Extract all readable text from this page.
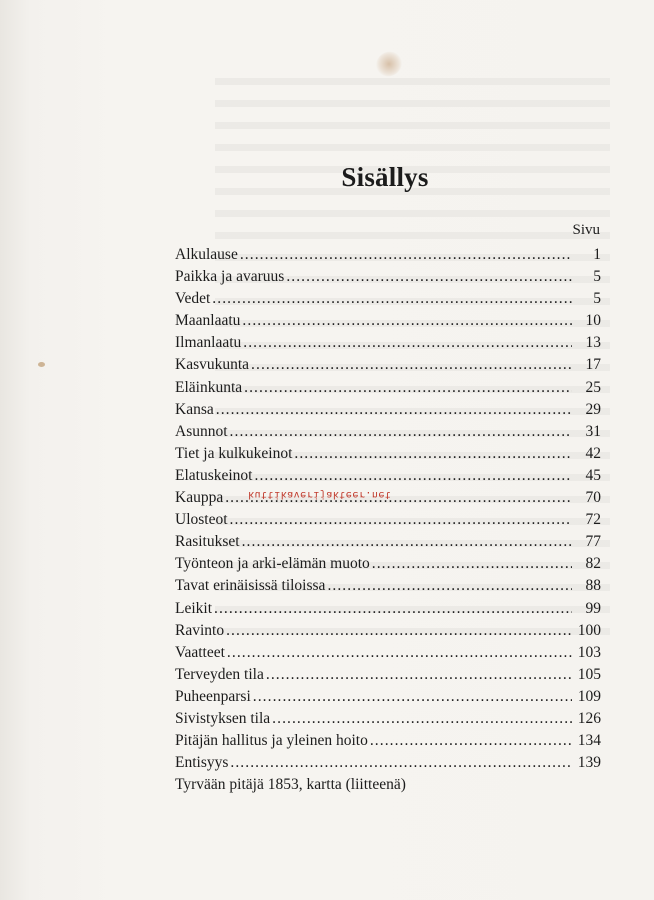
Sisällys
Sivu
Alkulause . . .	1
Paikka ja avaruus . . .	5
Vedet . . .	5
Maanlaatu . . .	10
Ilmanlaatu . . .	13
Kasvukunta . . .	17
Eläinkunta . . .	25
Kansa . . .	29
Asunnot . . .	31
Tiet ja kulkukeinot . . .	42
Elatuskeinot . . .	45
Kauppa . . .	70
Ulosteot . . .	72
Rasitukset . . .	77
Työnteon ja arki-elämän muoto . . .	82
Tavat erinäisissä tiloissa . . .	88
Leikit . . .	99
Ravinto . . .	100
Vaatteet . . .	103
Terveyden tila . . .	105
Puheenparsi . . .	109
Sivistyksen tila . . .	126
Pitäjän hallitus ja yleinen hoito . . .	134
Entisyys . . .	139
Tyrvään pitäjä 1853, kartta (liitteenä)
kuttikaverijakteer.net
